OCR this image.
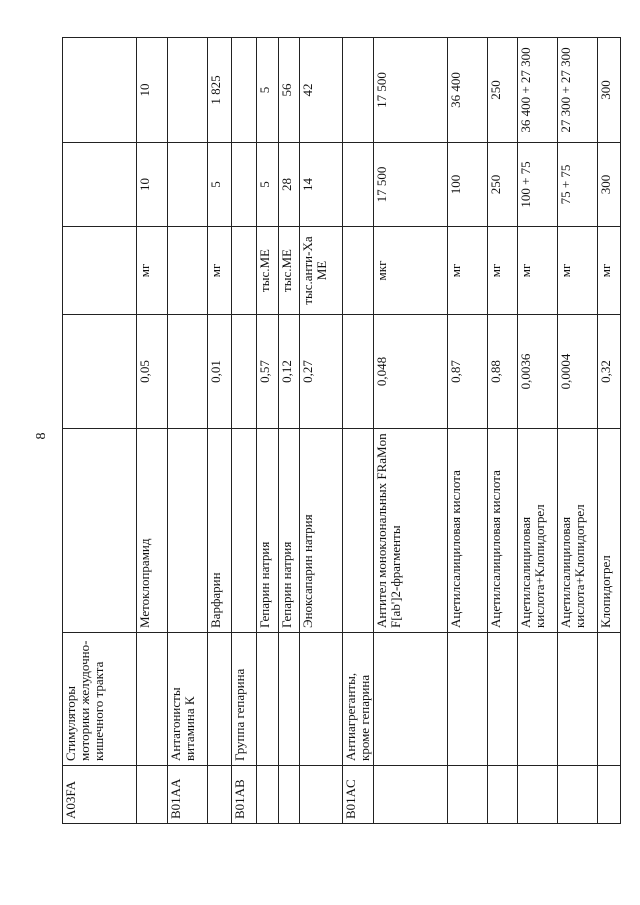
8
A03FA	Стимуляторы моторики желудочно-кишечного тракта					
		Метоклопрамид	0,05	мг	10	10
B01AA	Антагонисты витамина К					
		Варфарин	0,01	мг	5	1 825
B01AB	Группа гепарина					
		Гепарин натрия	0,57	тыс.МЕ	5	5
		Гепарин натрия	0,12	тыс.МЕ	28	56
		Эноксапарин натрия	0,27	тыс.анти-Ха МЕ	14	42
B01AC	Антиагреганты, кроме гепарина					
		Антител моноклональных FRaMon F[ab']2-фрагменты	0,048	мкг	17 500	17 500
		Ацетилсалициловая кислота	0,87	мг	100	36 400
		Ацетилсалициловая кислота	0,88	мг	250	250
		Ацетилсалициловая кислота+Клопидогрел	0,0036	мг	100 + 75	36 400 + 27 300
		Ацетилсалициловая кислота+Клопидогрел	0,0004	мг	75 + 75	27 300 + 27 300
		Клопидогрел	0,32	мг	300	300
